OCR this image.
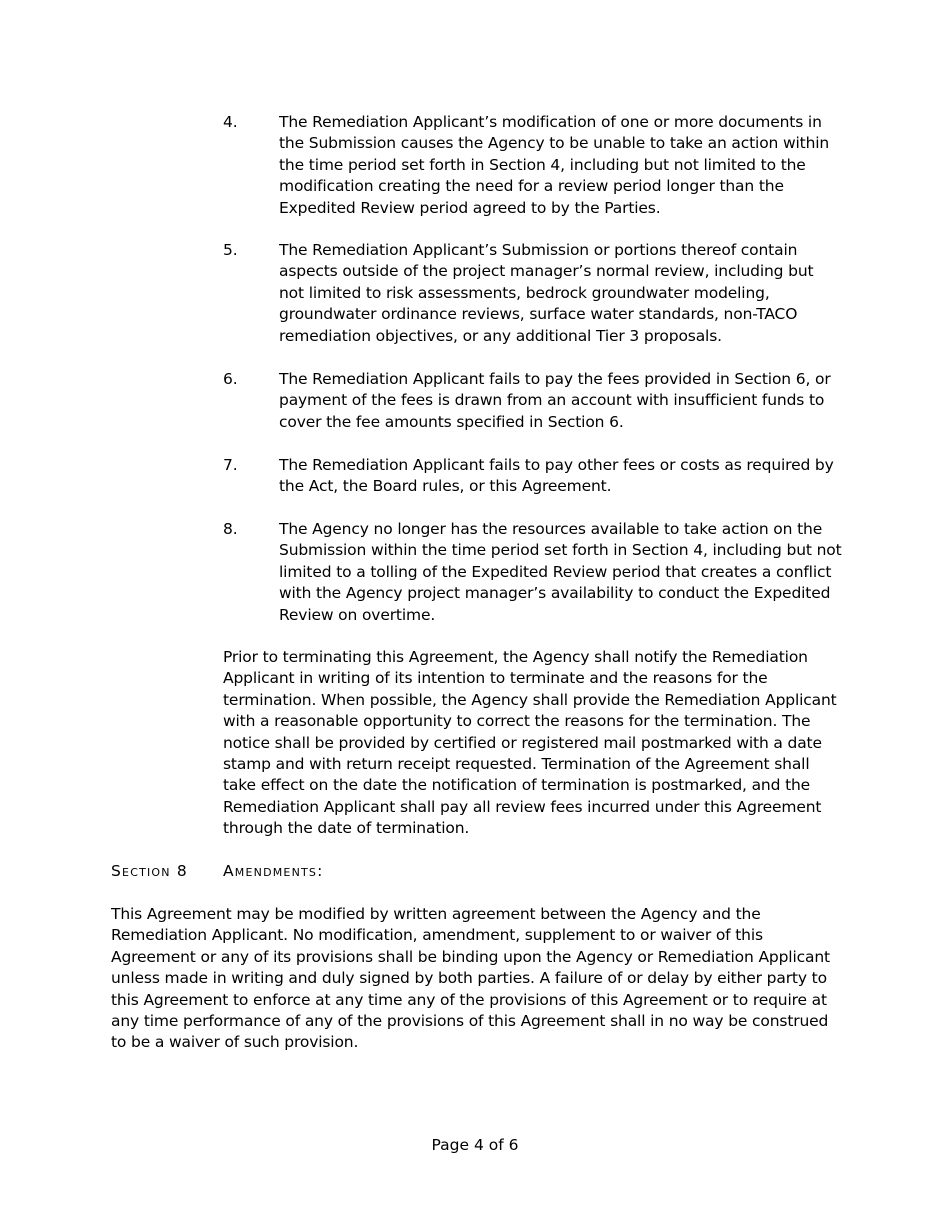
4.	The Remediation Applicant’s modification of one or more documents in the Submission causes the Agency to be unable to take an action within the time period set forth in Section 4, including but not limited to the modification creating the need for a review period longer than the Expedited Review period agreed to by the Parties.
5.	The Remediation Applicant’s Submission or portions thereof contain aspects outside of the project manager’s normal review, including but not limited to risk assessments, bedrock groundwater modeling, groundwater ordinance reviews, surface water standards, non-TACO remediation objectives, or any additional Tier 3 proposals.
6.	The Remediation Applicant fails to pay the fees provided in Section 6, or payment of the fees is drawn from an account with insufficient funds to cover the fee amounts specified in Section 6.
7.	The Remediation Applicant fails to pay other fees or costs as required by the Act, the Board rules, or this Agreement.
8.	The Agency no longer has the resources available to take action on the Submission within the time period set forth in Section 4, including but not limited to a tolling of the Expedited Review period that creates a conflict with the Agency project manager’s availability to conduct the Expedited Review on overtime.
Prior to terminating this Agreement, the Agency shall notify the Remediation Applicant in writing of its intention to terminate and the reasons for the termination. When possible, the Agency shall provide the Remediation Applicant with a reasonable opportunity to correct the reasons for the termination. The notice shall be provided by certified or registered mail postmarked with a date stamp and with return receipt requested. Termination of the Agreement shall take effect on the date the notification of termination is postmarked, and the Remediation Applicant shall pay all review fees incurred under this Agreement through the date of termination.
Section 8 Amendments:
This Agreement may be modified by written agreement between the Agency and the Remediation Applicant. No modification, amendment, supplement to or waiver of this Agreement or any of its provisions shall be binding upon the Agency or Remediation Applicant unless made in writing and duly signed by both parties. A failure of or delay by either party to this Agreement to enforce at any time any of the provisions of this Agreement or to require at any time performance of any of the provisions of this Agreement shall in no way be construed to be a waiver of such provision.
Page 4 of 6
